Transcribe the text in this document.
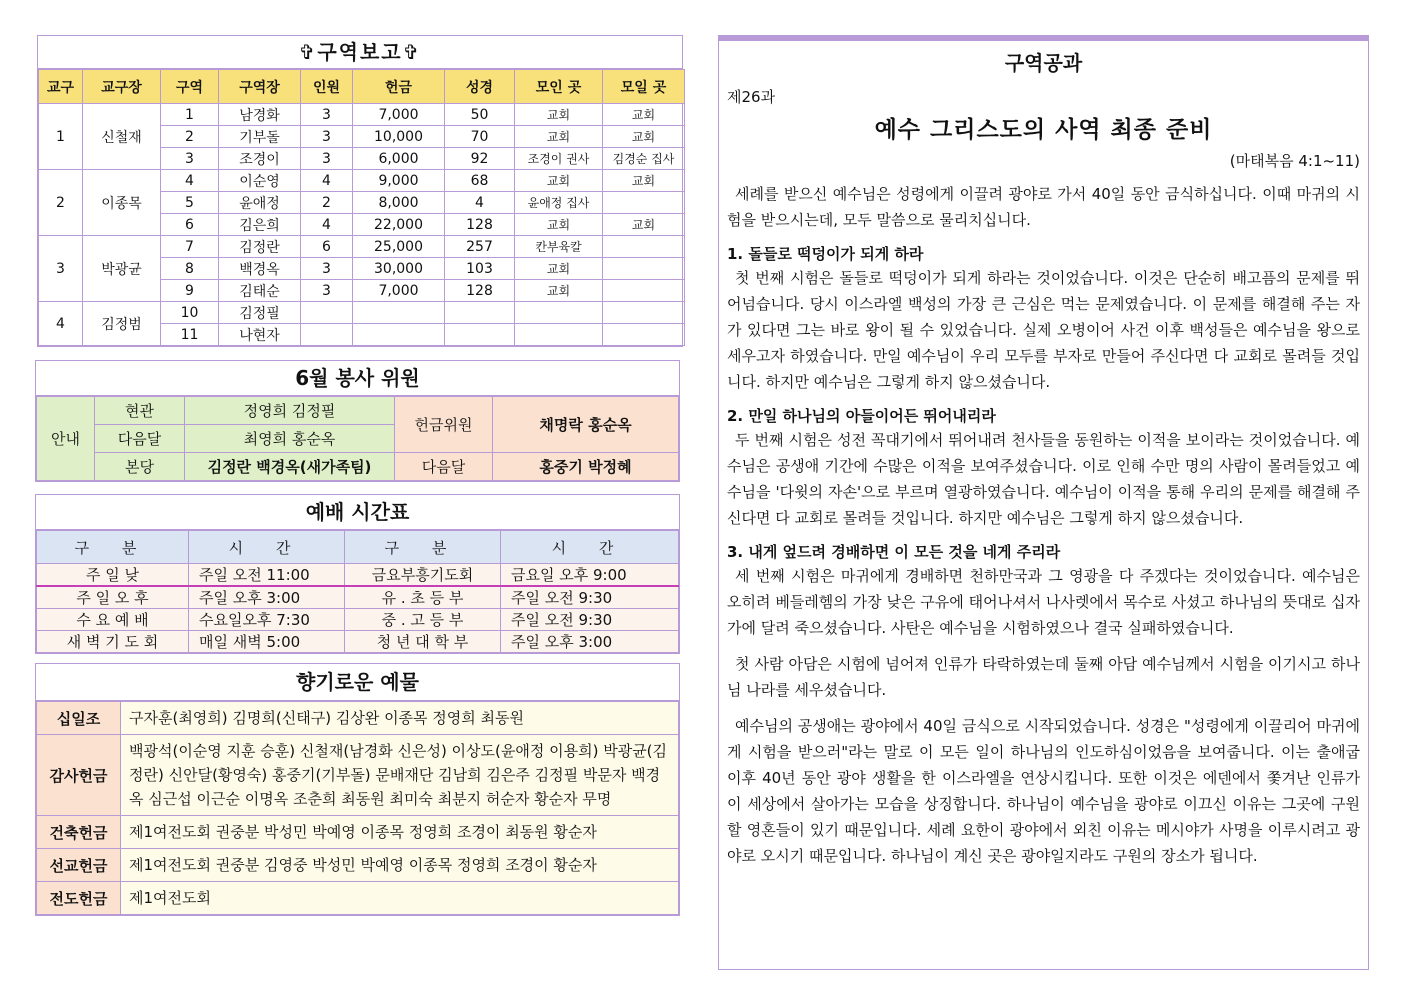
✞구역보고✞
교구	교구장	구역	구역장	인원	헌금	성경	모인 곳	모일 곳
1	신철재	1	남경화	3	7,000	50	교회	교회
		2	기부돌	3	10,000	70	교회	교회
		3	조경이	3	6,000	92	조경이 권사	김경순 집사
2	이종목	4	이순영	4	9,000	68	교회	교회
		5	윤애정	2	8,000	4	윤애정 집사	
		6	김은희	4	22,000	128	교회	교회
3	박광균	7	김정란	6	25,000	257	칸부육칼	
		8	백경옥	3	30,000	103	교회	
		9	김태순	3	7,000	128	교회	
4	김정범	10	김정필					
		11	나현자					
6월 봉사 위원
안내	현관	정영희 김정필	헌금위원	채명락 홍순옥
	다음달	최영희 홍순옥		
	본당	김정란 백경옥(새가족팀)	다음달	홍중기 박정혜
예배 시간표
구 분	시 간	구 분	시 간
주 일 낮	주일 오전 11:00	금요부흥기도회	금요일 오후 9:00
주 일 오 후	주일 오후 3:00	유 . 초 등 부	주일 오전 9:30
수 요 예 배	수요일오후 7:30	중 . 고 등 부	주일 오전 9:30
새 벽 기 도 회	매일 새벽 5:00	청 년 대 학 부	주일 오후 3:00
향기로운 예물
십일조	구자훈(최영희) 김명희(신태구) 김상완 이종목 정영희 최동원
감사헌금	백광석(이순영 지훈 승훈) 신철재(남경화 신은성) 이상도(윤애정 이용희) 박광균(김정란) 신안달(황영숙) 홍중기(기부돌) 문배재단 김남희 김은주 김정필 박문자 백경옥 심근섭 이근순 이명옥 조춘희 최동원 최미숙 최분지 허순자 황순자 무명
건축헌금	제1여전도회 권중분 박성민 박예영 이종목 정영희 조경이 최동원 황순자
선교헌금	제1여전도회 권중분 김영중 박성민 박예영 이종목 정영희 조경이 황순자
전도헌금	제1여전도회
구역공과
제26과
예수 그리스도의 사역 최종 준비
(마태복음 4:1~11)

세례를 받으신 예수님은 성령에게 이끌려 광야로 가서 40일 동안 금식하십니다. 이때 마귀의 시험을 받으시는데, 모두 말씀으로 물리치십니다.

1. 돌들로 떡덩이가 되게 하라

첫 번째 시험은 돌들로 떡덩이가 되게 하라는 것이었습니다. 이것은 단순히 배고픔의 문제를 뛰어넘습니다. 당시 이스라엘 백성의 가장 큰 근심은 먹는 문제였습니다. 이 문제를 해결해 주는 자가 있다면 그는 바로 왕이 될 수 있었습니다. 실제 오병이어 사건 이후 백성들은 예수님을 왕으로 세우고자 하였습니다. 만일 예수님이 우리 모두를 부자로 만들어 주신다면 다 교회로 몰려들 것입니다. 하지만 예수님은 그렇게 하지 않으셨습니다.

2. 만일 하나님의 아들이어든 뛰어내리라

두 번째 시험은 성전 꼭대기에서 뛰어내려 천사들을 동원하는 이적을 보이라는 것이었습니다. 예수님은 공생애 기간에 수많은 이적을 보여주셨습니다. 이로 인해 수만 명의 사람이 몰려들었고 예수님을 '다윗의 자손'으로 부르며 열광하였습니다. 예수님이 이적을 통해 우리의 문제를 해결해 주신다면 다 교회로 몰려들 것입니다. 하지만 예수님은 그렇게 하지 않으셨습니다.

3. 내게 엎드려 경배하면 이 모든 것을 네게 주리라

세 번째 시험은 마귀에게 경배하면 천하만국과 그 영광을 다 주겠다는 것이었습니다. 예수님은 오히려 베들레헴의 가장 낮은 구유에 태어나셔서 나사렛에서 목수로 사셨고 하나님의 뜻대로 십자가에 달려 죽으셨습니다. 사탄은 예수님을 시험하였으나 결국 실패하였습니다.

첫 사람 아담은 시험에 넘어져 인류가 타락하였는데 둘째 아담 예수님께서 시험을 이기시고 하나님 나라를 세우셨습니다.

예수님의 공생애는 광야에서 40일 금식으로 시작되었습니다. 성경은 "성령에게 이끌리어 마귀에게 시험을 받으러"라는 말로 이 모든 일이 하나님의 인도하심이었음을 보여줍니다. 이는 출애굽 이후 40년 동안 광야 생활을 한 이스라엘을 연상시킵니다. 또한 이것은 에덴에서 쫓겨난 인류가 이 세상에서 살아가는 모습을 상징합니다. 하나님이 예수님을 광야로 이끄신 이유는 그곳에 구원할 영혼들이 있기 때문입니다. 세례 요한이 광야에서 외친 이유는 메시야가 사명을 이루시려고 광야로 오시기 때문입니다. 하나님이 계신 곳은 광야일지라도 구원의 장소가 됩니다.
